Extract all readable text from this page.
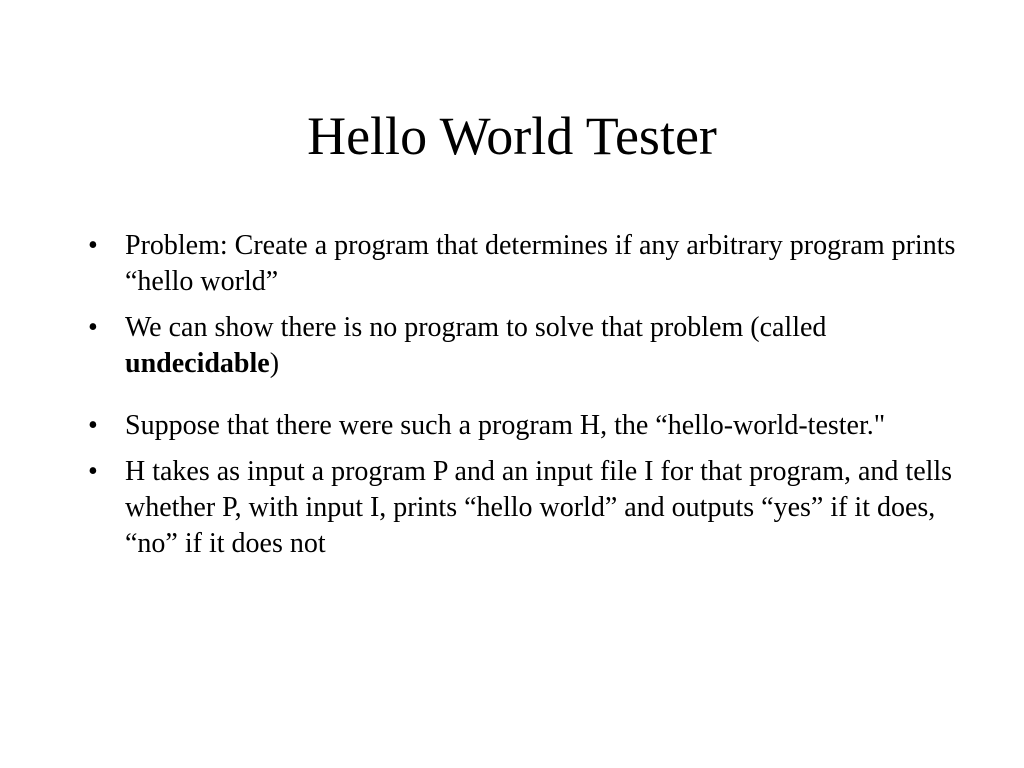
Hello World Tester
• Problem: Create a program that determines if any arbitrary program prints “hello world”
• We can show there is no program to solve that problem (called undecidable)
• Suppose that there were such a program H, the “hello-world-tester."
• H takes as input a program P and an input file I for that program, and tells whether P, with input I, prints “hello world” and outputs “yes” if it does, “no” if it does not
